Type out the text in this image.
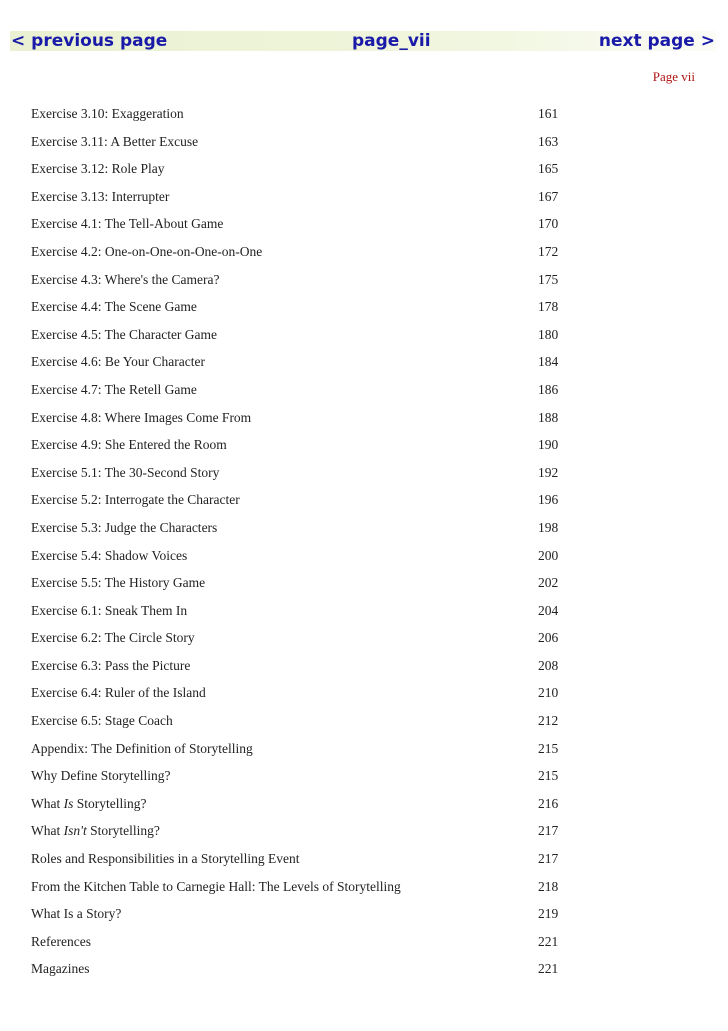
< previous page	page_vii	next page >
Page vii
Exercise 3.10: Exaggeration	161
Exercise 3.11: A Better Excuse	163
Exercise 3.12: Role Play	165
Exercise 3.13: Interrupter	167
Exercise 4.1: The Tell-About Game	170
Exercise 4.2: One-on-One-on-One-on-One	172
Exercise 4.3: Where's the Camera?	175
Exercise 4.4: The Scene Game	178
Exercise 4.5: The Character Game	180
Exercise 4.6: Be Your Character	184
Exercise 4.7: The Retell Game	186
Exercise 4.8: Where Images Come From	188
Exercise 4.9: She Entered the Room	190
Exercise 5.1: The 30-Second Story	192
Exercise 5.2: Interrogate the Character	196
Exercise 5.3: Judge the Characters	198
Exercise 5.4: Shadow Voices	200
Exercise 5.5: The History Game	202
Exercise 6.1: Sneak Them In	204
Exercise 6.2: The Circle Story	206
Exercise 6.3: Pass the Picture	208
Exercise 6.4: Ruler of the Island	210
Exercise 6.5: Stage Coach	212
Appendix: The Definition of Storytelling	215
Why Define Storytelling?	215
What Is Storytelling?	216
What Isn't Storytelling?	217
Roles and Responsibilities in a Storytelling Event	217
From the Kitchen Table to Carnegie Hall: The Levels of Storytelling	218
What Is a Story?	219
References	221
Magazines	221
